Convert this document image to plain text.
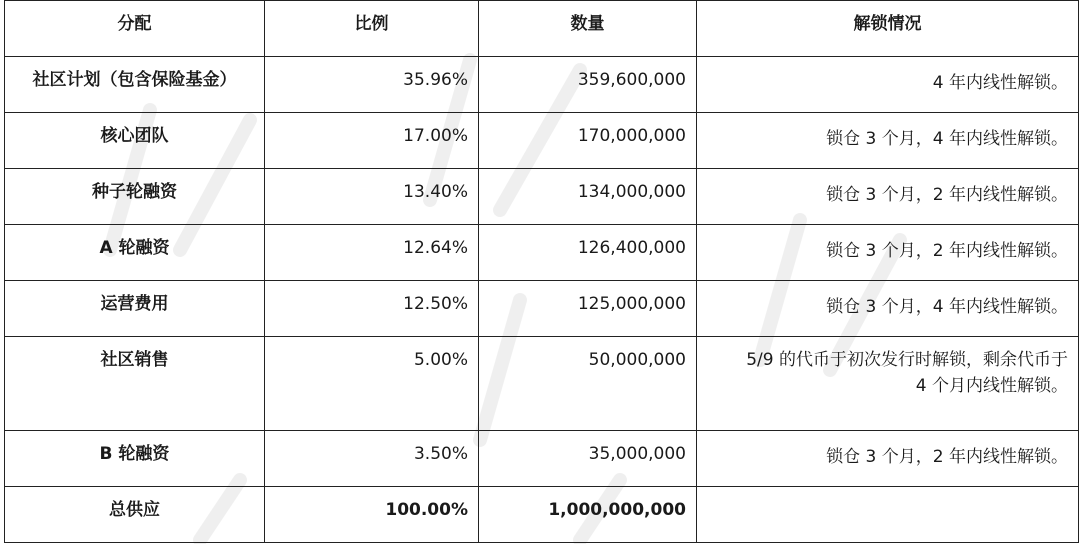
分配	比例	数量	解锁情况
社区计划（包含保险基金）	35.96%	359,600,000	4 年内线性解锁。
核心团队	17.00%	170,000,000	锁仓 3 个月，4 年内线性解锁。
种子轮融资	13.40%	134,000,000	锁仓 3 个月，2 年内线性解锁。
A 轮融资	12.64%	126,400,000	锁仓 3 个月，2 年内线性解锁。
运营费用	12.50%	125,000,000	锁仓 3 个月，4 年内线性解锁。
社区销售	5.00%	50,000,000	5/9 的代币于初次发行时解锁，剩余代币于
4 个月内线性解锁。

B 轮融资	3.50%	35,000,000	锁仓 3 个月，2 年内线性解锁。
总供应	100.00%	1,000,000,000	
